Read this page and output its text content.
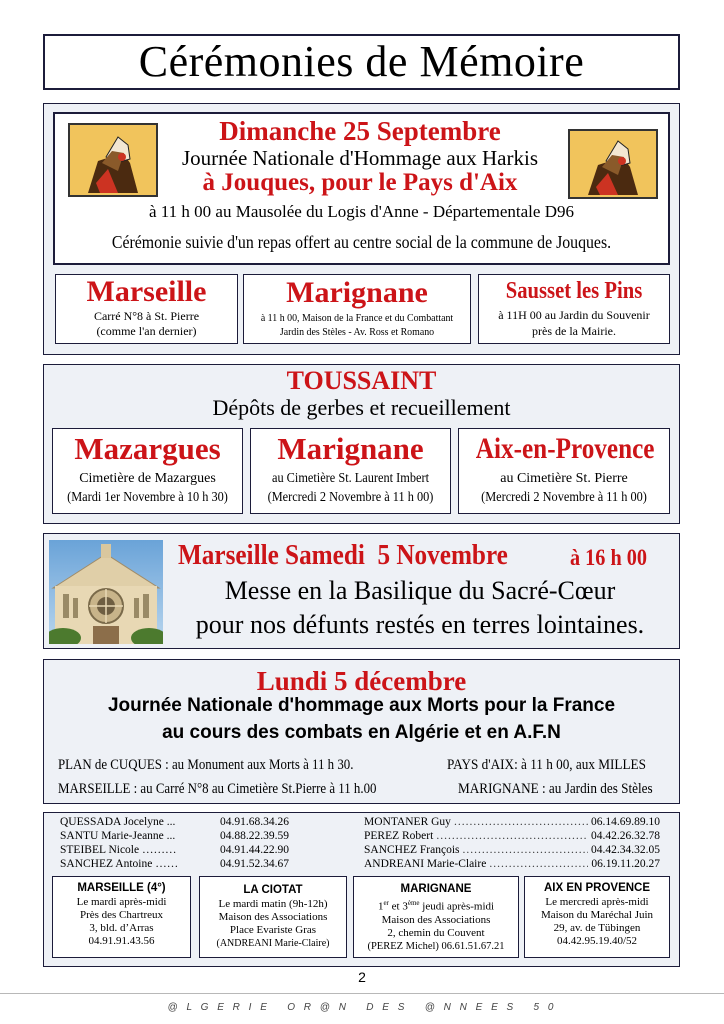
Cérémonies de Mémoire
Dimanche 25 Septembre
Journée Nationale d'Hommage aux Harkis
à Jouques, pour le Pays d'Aix
à 11 h 00 au Mausolée du Logis d'Anne - Départementale D96
Cérémonie suivie d'un repas offert au centre social de la commune de Jouques.
Marseille
Carré N°8 à St. Pierre
(comme l'an dernier)
Marignane
à 11 h 00, Maison de la France et du Combattant
Jardin des Stèles - Av. Ross et Romano
Sausset les Pins
à 11H 00 au Jardin du Souvenir
près de la Mairie.
TOUSSAINT
Dépôts de gerbes et recueillement
Mazargues
Cimetière de Mazargues
(Mardi 1er Novembre à 10 h 30)
Marignane
au Cimetière St. Laurent Imbert
(Mercredi 2 Novembre à 11 h 00)
Aix-en-Provence
au Cimetière St. Pierre
(Mercredi 2 Novembre à 11 h 00)
Marseille Samedi  5 Novembre	à 16 h 00
Messe en la Basilique du Sacré-Cœur
pour nos défunts restés en terres lointaines.
Lundi 5 décembre
Journée Nationale d'hommage aux Morts pour la France
au cours des combats en Algérie et en A.F.N
PLAN de CUQUES : au Monument aux Morts à 11 h 30.	PAYS d'AIX: à 11 h 00, aux MILLES
MARSEILLE : au Carré N°8 au Cimetière St.Pierre à 11 h.00	MARIGNANE : au Jardin des Stèles
QUESSADA Jocelyne ...	04.91.68.34.26
SANTU Marie-Jeanne ...	04.88.22.39.59
STEIBEL Nicole ………	04.91.44.22.90
SANCHEZ Antoine ……	04.91.52.34.67
MONTANER Guy .....	06.14.69.89.10
PEREZ Robert .....	04.42.26.32.78
SANCHEZ François .....	04.42.34.32.05
ANDREANI Marie-Claire .....	06.19.11.20.27
MARSEILLE (4°)
Le mardi après-midi
Près des Chartreux
3, bld. d’Arras
04.91.91.43.56
LA CIOTAT
Le mardi matin (9h-12h)
Maison des Associations
Place Evariste Gras
(ANDREANI Marie-Claire)
MARIGNANE
1er et 3ème jeudi après-midi
Maison des Associations
2, chemin du Couvent
(PEREZ Michel) 06.61.51.67.21
AIX EN PROVENCE
Le mercredi après-midi
Maison du Maréchal Juin
29, av. de Tübingen
04.42.95.19.40/52
2
@ L G E R I E   O R @ N   D E S   @ N N E E S   5 0
